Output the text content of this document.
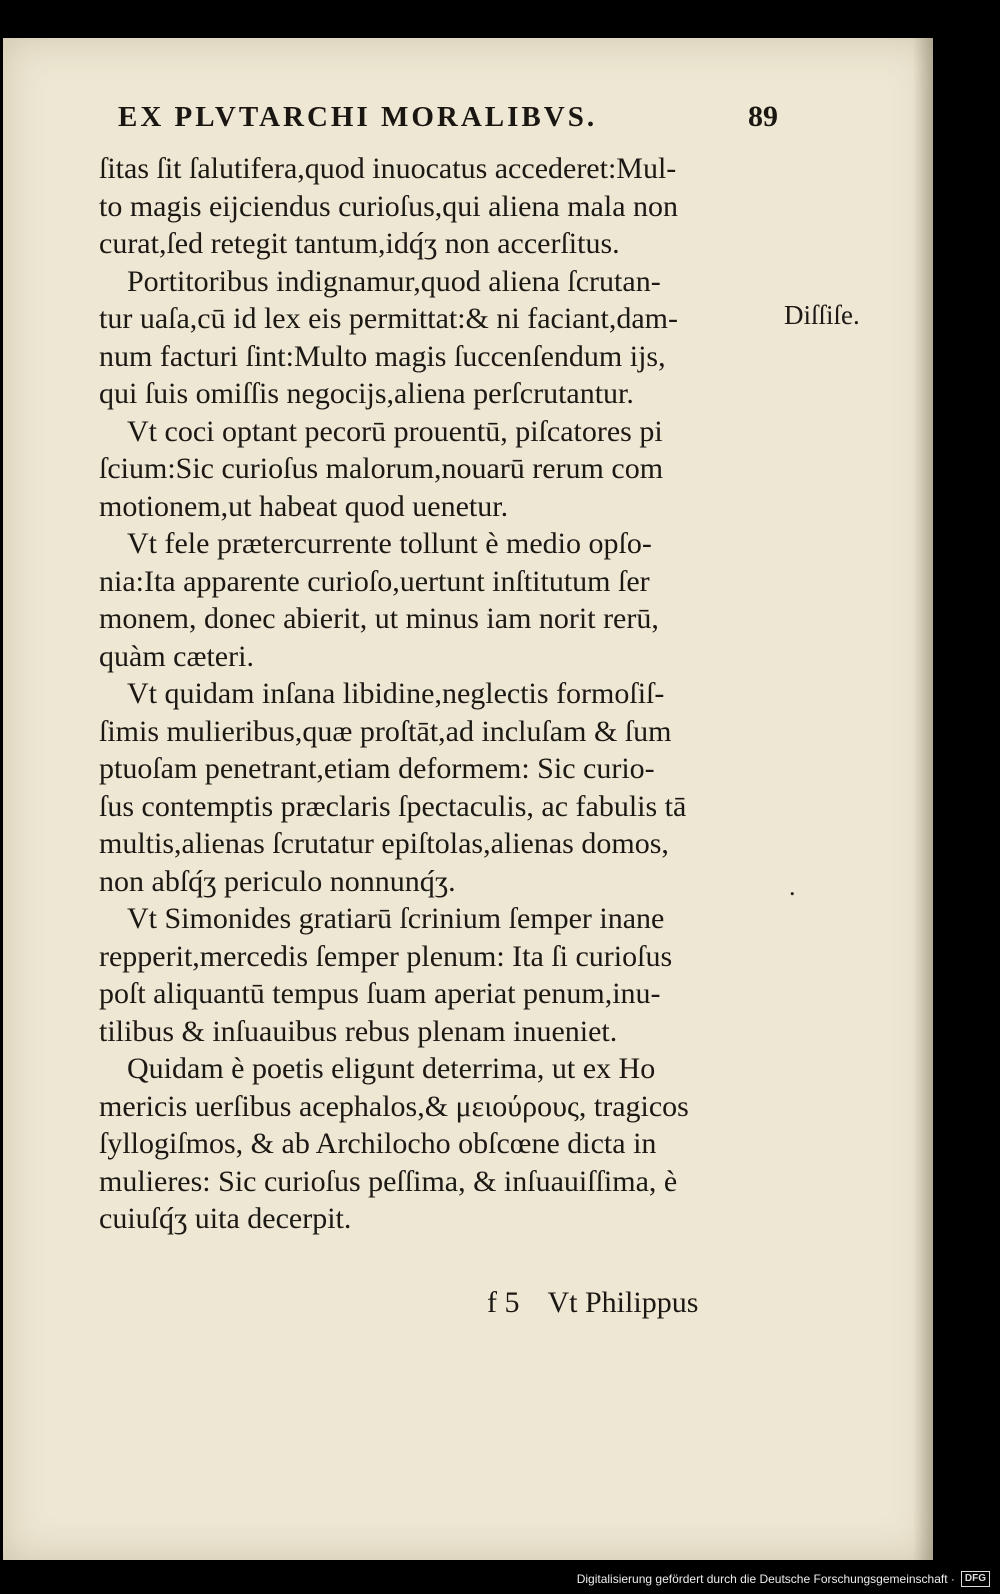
EX PLVTARCHI MORALIBVS.	89
ſitas ſit ſalutifera,quod inuocatus accederet:Mul‑
to magis eijciendus curioſus,qui aliena mala non
curat,ſed retegit tantum,idq́ʒ non accerſitus.
Portitoribus indignamur,quod aliena ſcrutan‑
tur uaſa,cū id lex eis permittat:& ni faciant,dam‑
num facturi ſint:Multo magis ſuccenſendum ijs,
qui ſuis omiſſis negocijs,aliena perſcrutantur.
Vt coci optant pecorū prouentū, piſcatores pi
ſcium:Sic curioſus malorum,nouarū rerum com
motionem,ut habeat quod uenetur.
Vt fele prætercurrente tollunt è medio opſo‑
nia:Ita apparente curioſo,uertunt inſtitutum ſer
monem, donec abierit, ut minus iam norit rerū,
quàm cæteri.
Vt quidam inſana libidine,neglectis formoſiſ‑
ſimis mulieribus,quæ proſtāt,ad incluſam & ſum
ptuoſam penetrant,etiam deformem: Sic curio‑
ſus contemptis præclaris ſpectaculis, ac fabulis tā
multis,alienas ſcrutatur epiſtolas,alienas domos,
non abſq́ʒ periculo nonnunq́ʒ.
Vt Simonides gratiarū ſcrinium ſemper inane
repperit,mercedis ſemper plenum: Ita ſi curioſus
poſt aliquantū tempus ſuam aperiat penum,inu‑
tilibus & inſuauibus rebus plenam inueniet.
Quidam è poetis eligunt deterrima, ut ex Ho
mericis uerſibus acephalos,& μειούρους, tragicos
ſyllogiſmos, & ab Archilocho obſcœne dicta in
mulieres: Sic curioſus peſſima, & inſuauiſſima, è
cuiuſq́ʒ uita decerpit.
Diſſiſe.
.
f 5 Vt Philippus
Digitalisierung gefördert durch die Deutsche Forschungsgemeinschaft ·	DFG
